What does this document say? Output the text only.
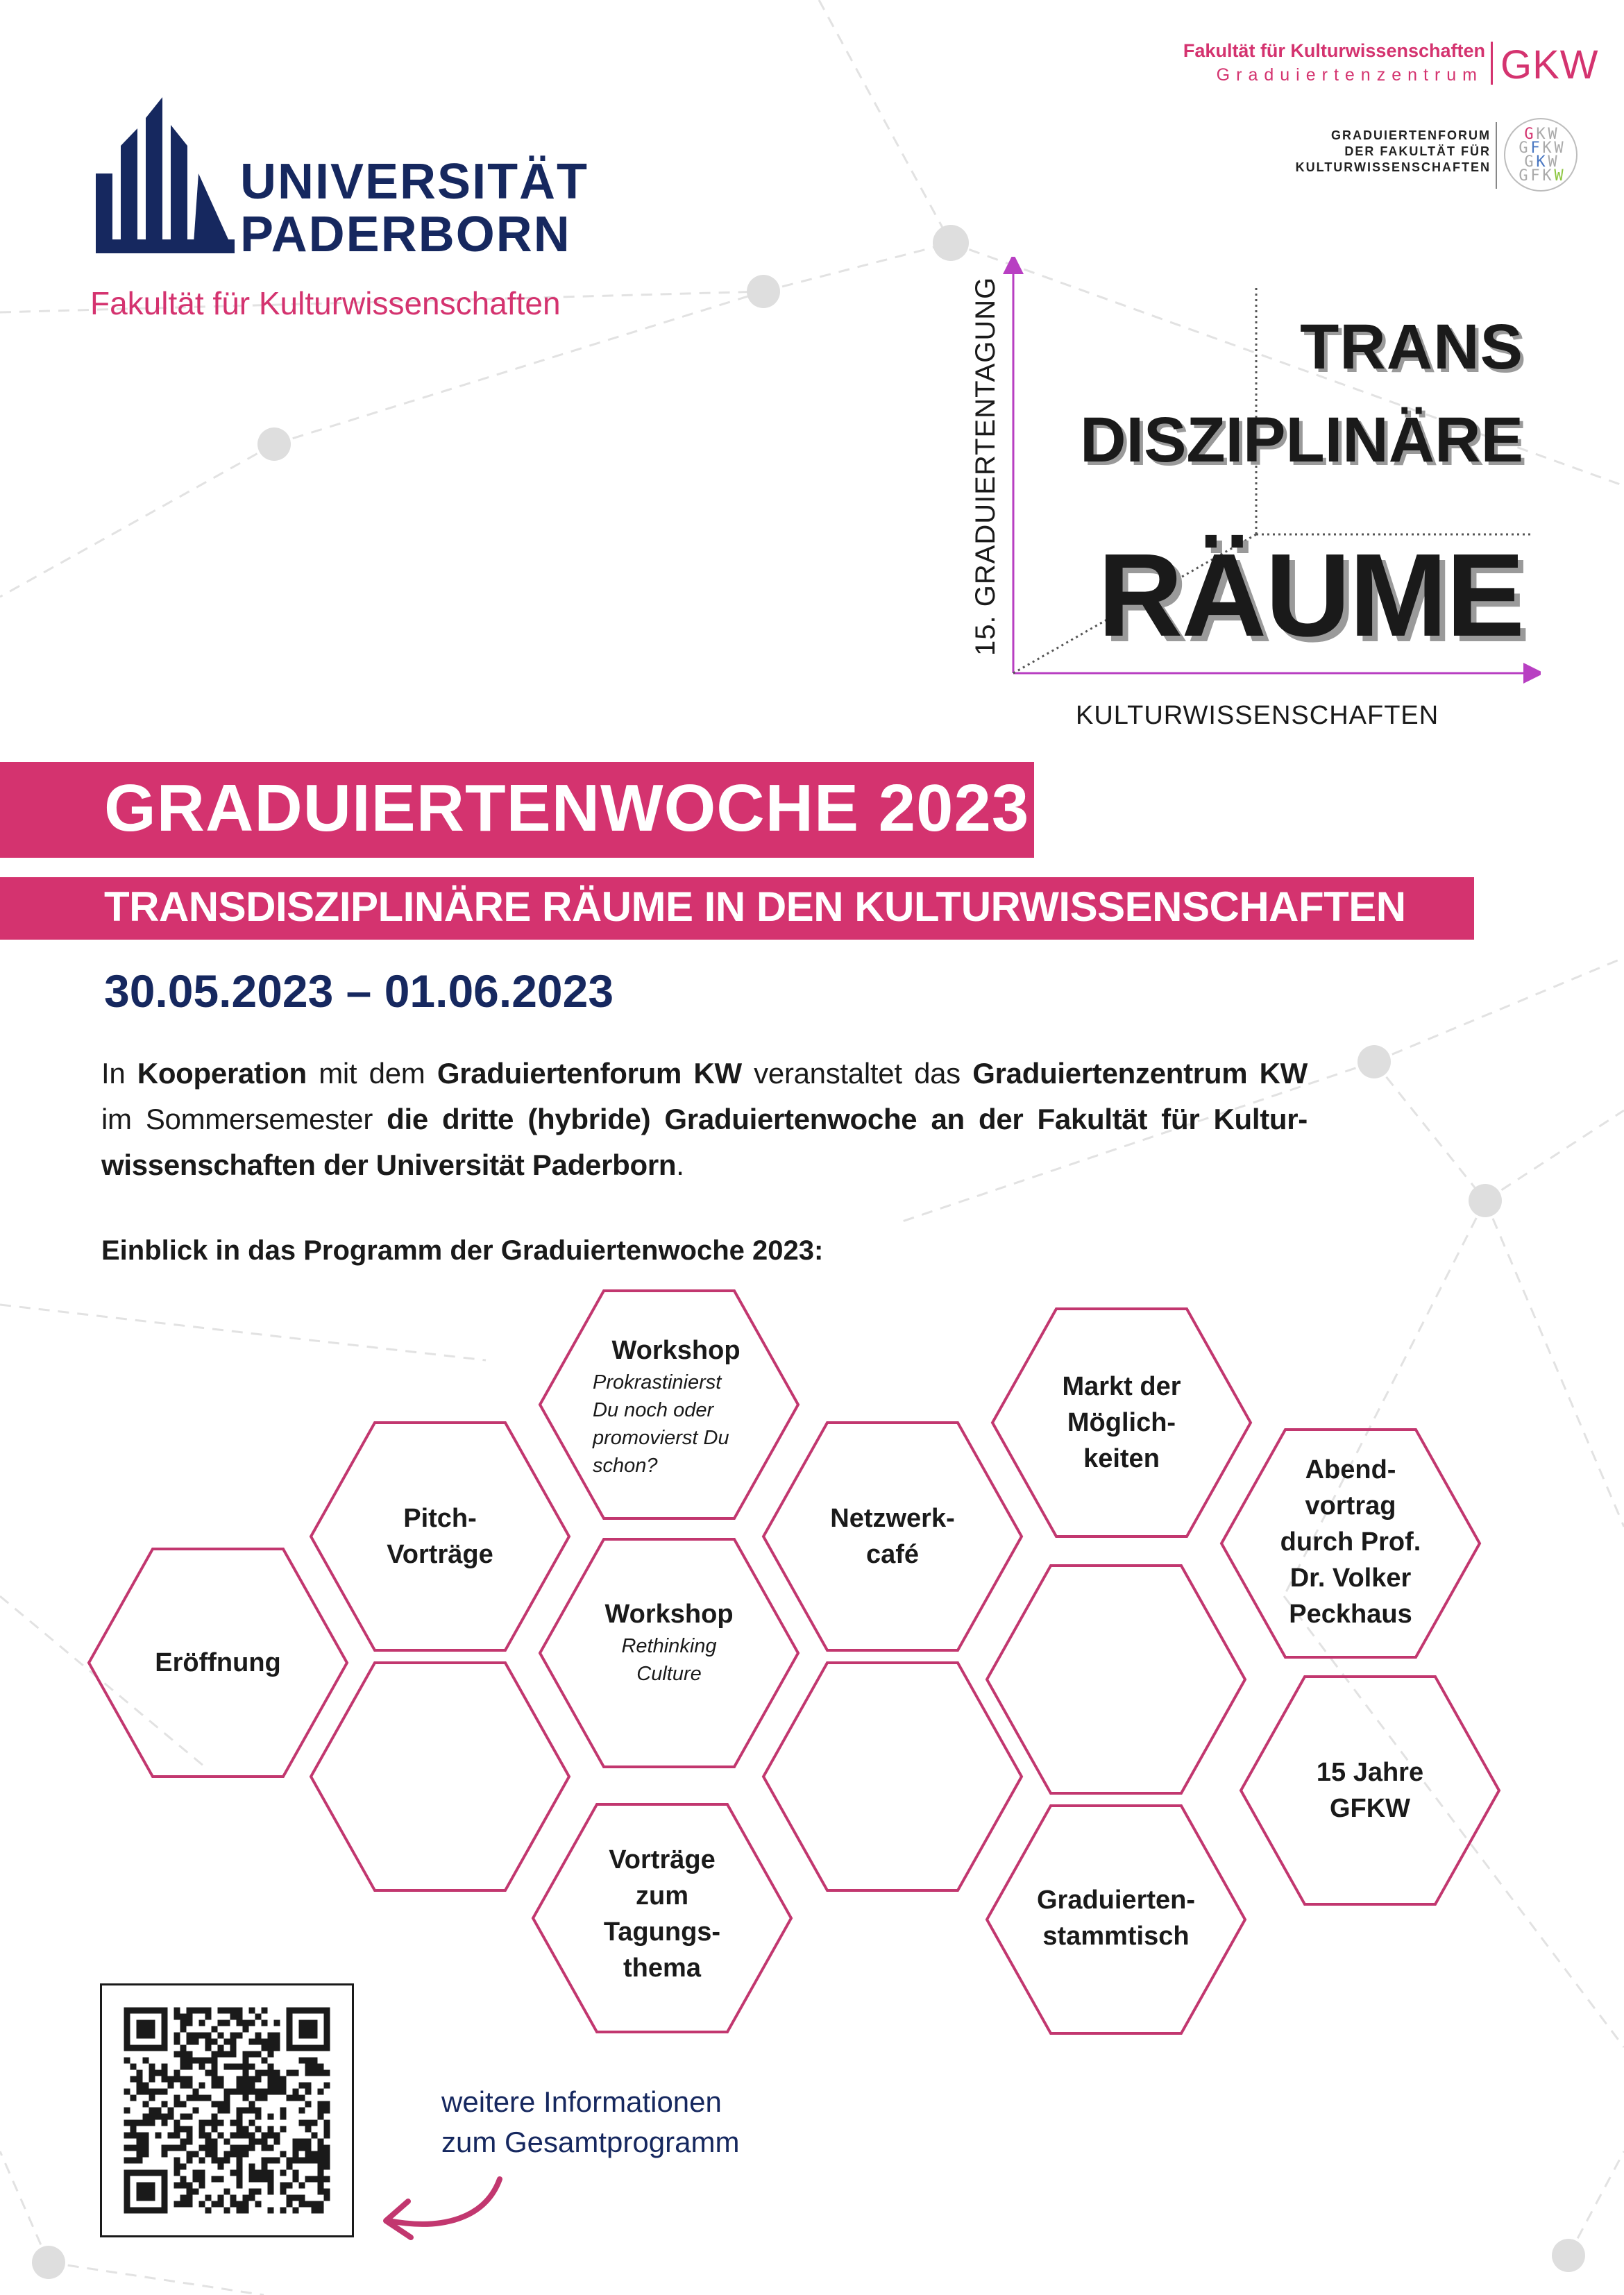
UNIVERSITÄT
PADERBORN
Fakultät für Kulturwissenschaften
Fakultät für Kulturwissenschaften
Graduiertenzentrum GKW
GRADUIERTENFORUM
DER FAKULTÄT FÜR
KULTURWISSENSCHAFTEN
G K W
G F K W
G K W
G F K W
15. GRADUIERTENTAGUNG
KULTURWISSENSCHAFTEN
TRANS
DISZIPLINÄRE
RÄUME
GRADUIERTENWOCHE 2023
TRANSDISZIPLINÄRE RÄUME IN DEN KULTURWISSENSCHAFTEN
30.05.2023 – 01.06.2023
In Kooperation mit dem Graduiertenforum KW veranstaltet das Graduiertenzentrum KW im Sommersemester die dritte (hybride) Graduiertenwoche an der Fakultät für Kultur-wissenschaften der Universität Paderborn.
Einblick in das Programm der Graduiertenwoche 2023:
Eröffnung
Pitch-
Vorträge
Workshop
Prokrastinierst
Du noch oder
promovierst Du
schon?
Workshop
Rethinking
Culture
Vorträge
zum
Tagungs-
thema
Netzwerk-
café
Markt der
Möglich-
keiten
Graduierten-
stammtisch
Abend-
vortrag
durch Prof.
Dr. Volker
Peckhaus
15 Jahre
GFKW
weitere Informationen
zum Gesamtprogramm
